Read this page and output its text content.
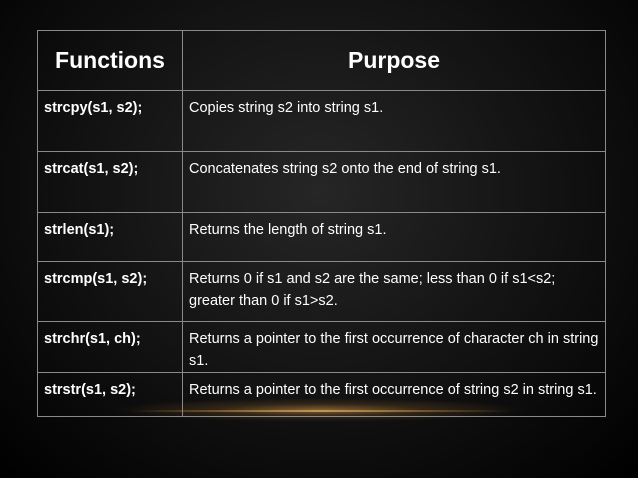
Functions	Purpose
strcpy(s1, s2);	Copies string s2 into string s1.
strcat(s1, s2);	Concatenates string s2 onto the end of string s1.
strlen(s1);	Returns the length of string s1.
strcmp(s1, s2);	Returns 0 if s1 and s2 are the same; less than 0 if s1<s2; greater than 0 if s1>s2.
strchr(s1, ch);	Returns a pointer to the first occurrence of character ch in string s1.
strstr(s1, s2);	Returns a pointer to the first occurrence of string s2 in string s1.
